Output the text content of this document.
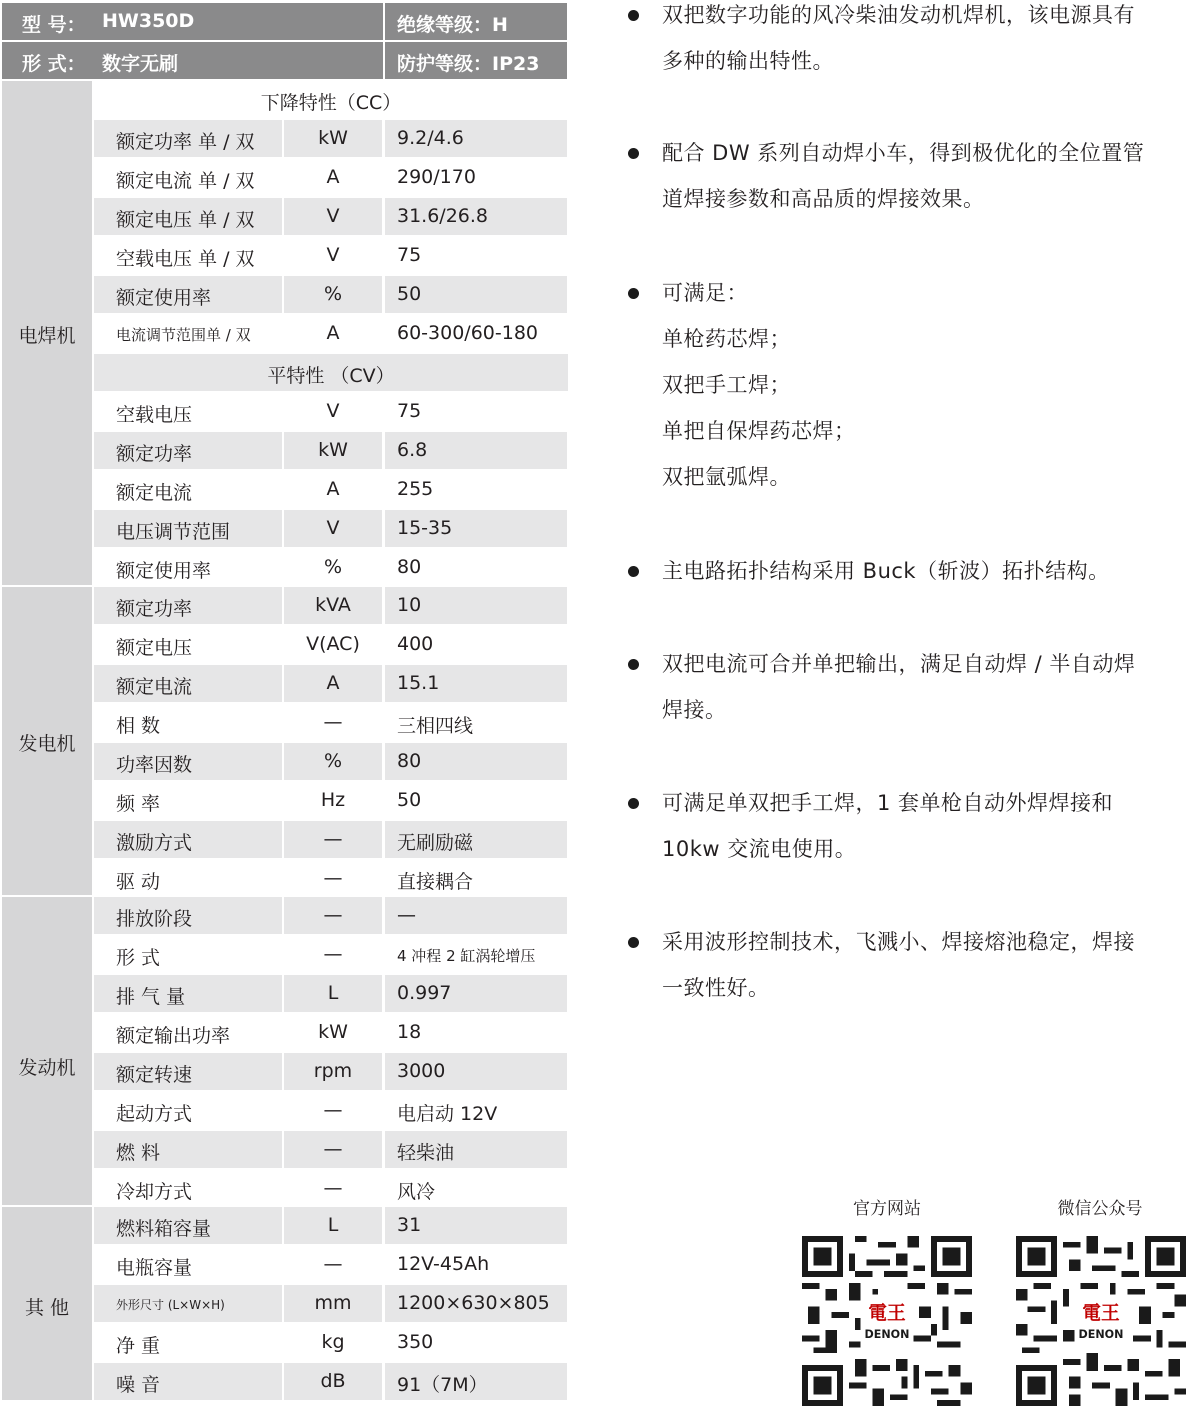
型 号： HW350D	绝缘等级：H
形 式： 数字无刷	防护等级：IP23
电焊机
发电机
发动机
其 他
下降特性（CC）
额定功率 单 / 双	kW	9.2/4.6
额定电流 单 / 双	A	290/170
额定电压 单 / 双	V	31.6/26.8
空载电压 单 / 双	V	75
额定使用率	%	50
电流调节范围单 / 双	A	60-300/60-180
平特性 （CV）
空载电压	V	75
额定功率	kW	6.8
额定电流	A	255
电压调节范围	V	15-35
额定使用率	%	80
额定功率	kVA	10
额定电压	V(AC)	400
额定电流	A	15.1
相 数	—	三相四线
功率因数	%	80
频 率	Hz	50
激励方式	—	无刷励磁
驱 动	—	直接耦合
排放阶段	—	—
形 式	—	4 冲程 2 缸涡轮增压
排 气 量	L	0.997
额定输出功率	kW	18
额定转速	rpm	3000
起动方式	—	电启动 12V
燃 料	—	轻柴油
冷却方式	—	风冷
燃料箱容量	L	31
电瓶容量	—	12V-45Ah
外形尺寸 (L×W×H)	mm	1200×630×805
净 重	kg	350
噪 音	dB	91（7M）
双把数字功能的风冷柴油发动机焊机，该电源具有
多种的输出特性。
配合 DW 系列自动焊小车，得到极优化的全位置管
道焊接参数和高品质的焊接效果。
可满足：
单枪药芯焊；
双把手工焊；
单把自保焊药芯焊；
双把氩弧焊。
主电路拓扑结构采用 Buck（斩波）拓扑结构。
双把电流可合并单把输出，满足自动焊 / 半自动焊
焊接。
可满足单双把手工焊，1 套单枪自动外焊焊接和
10kw 交流电使用。
采用波形控制技术，飞溅小、焊接熔池稳定，焊接
一致性好。
官方网站	微信公众号
電王
DENON
電王
DENON
